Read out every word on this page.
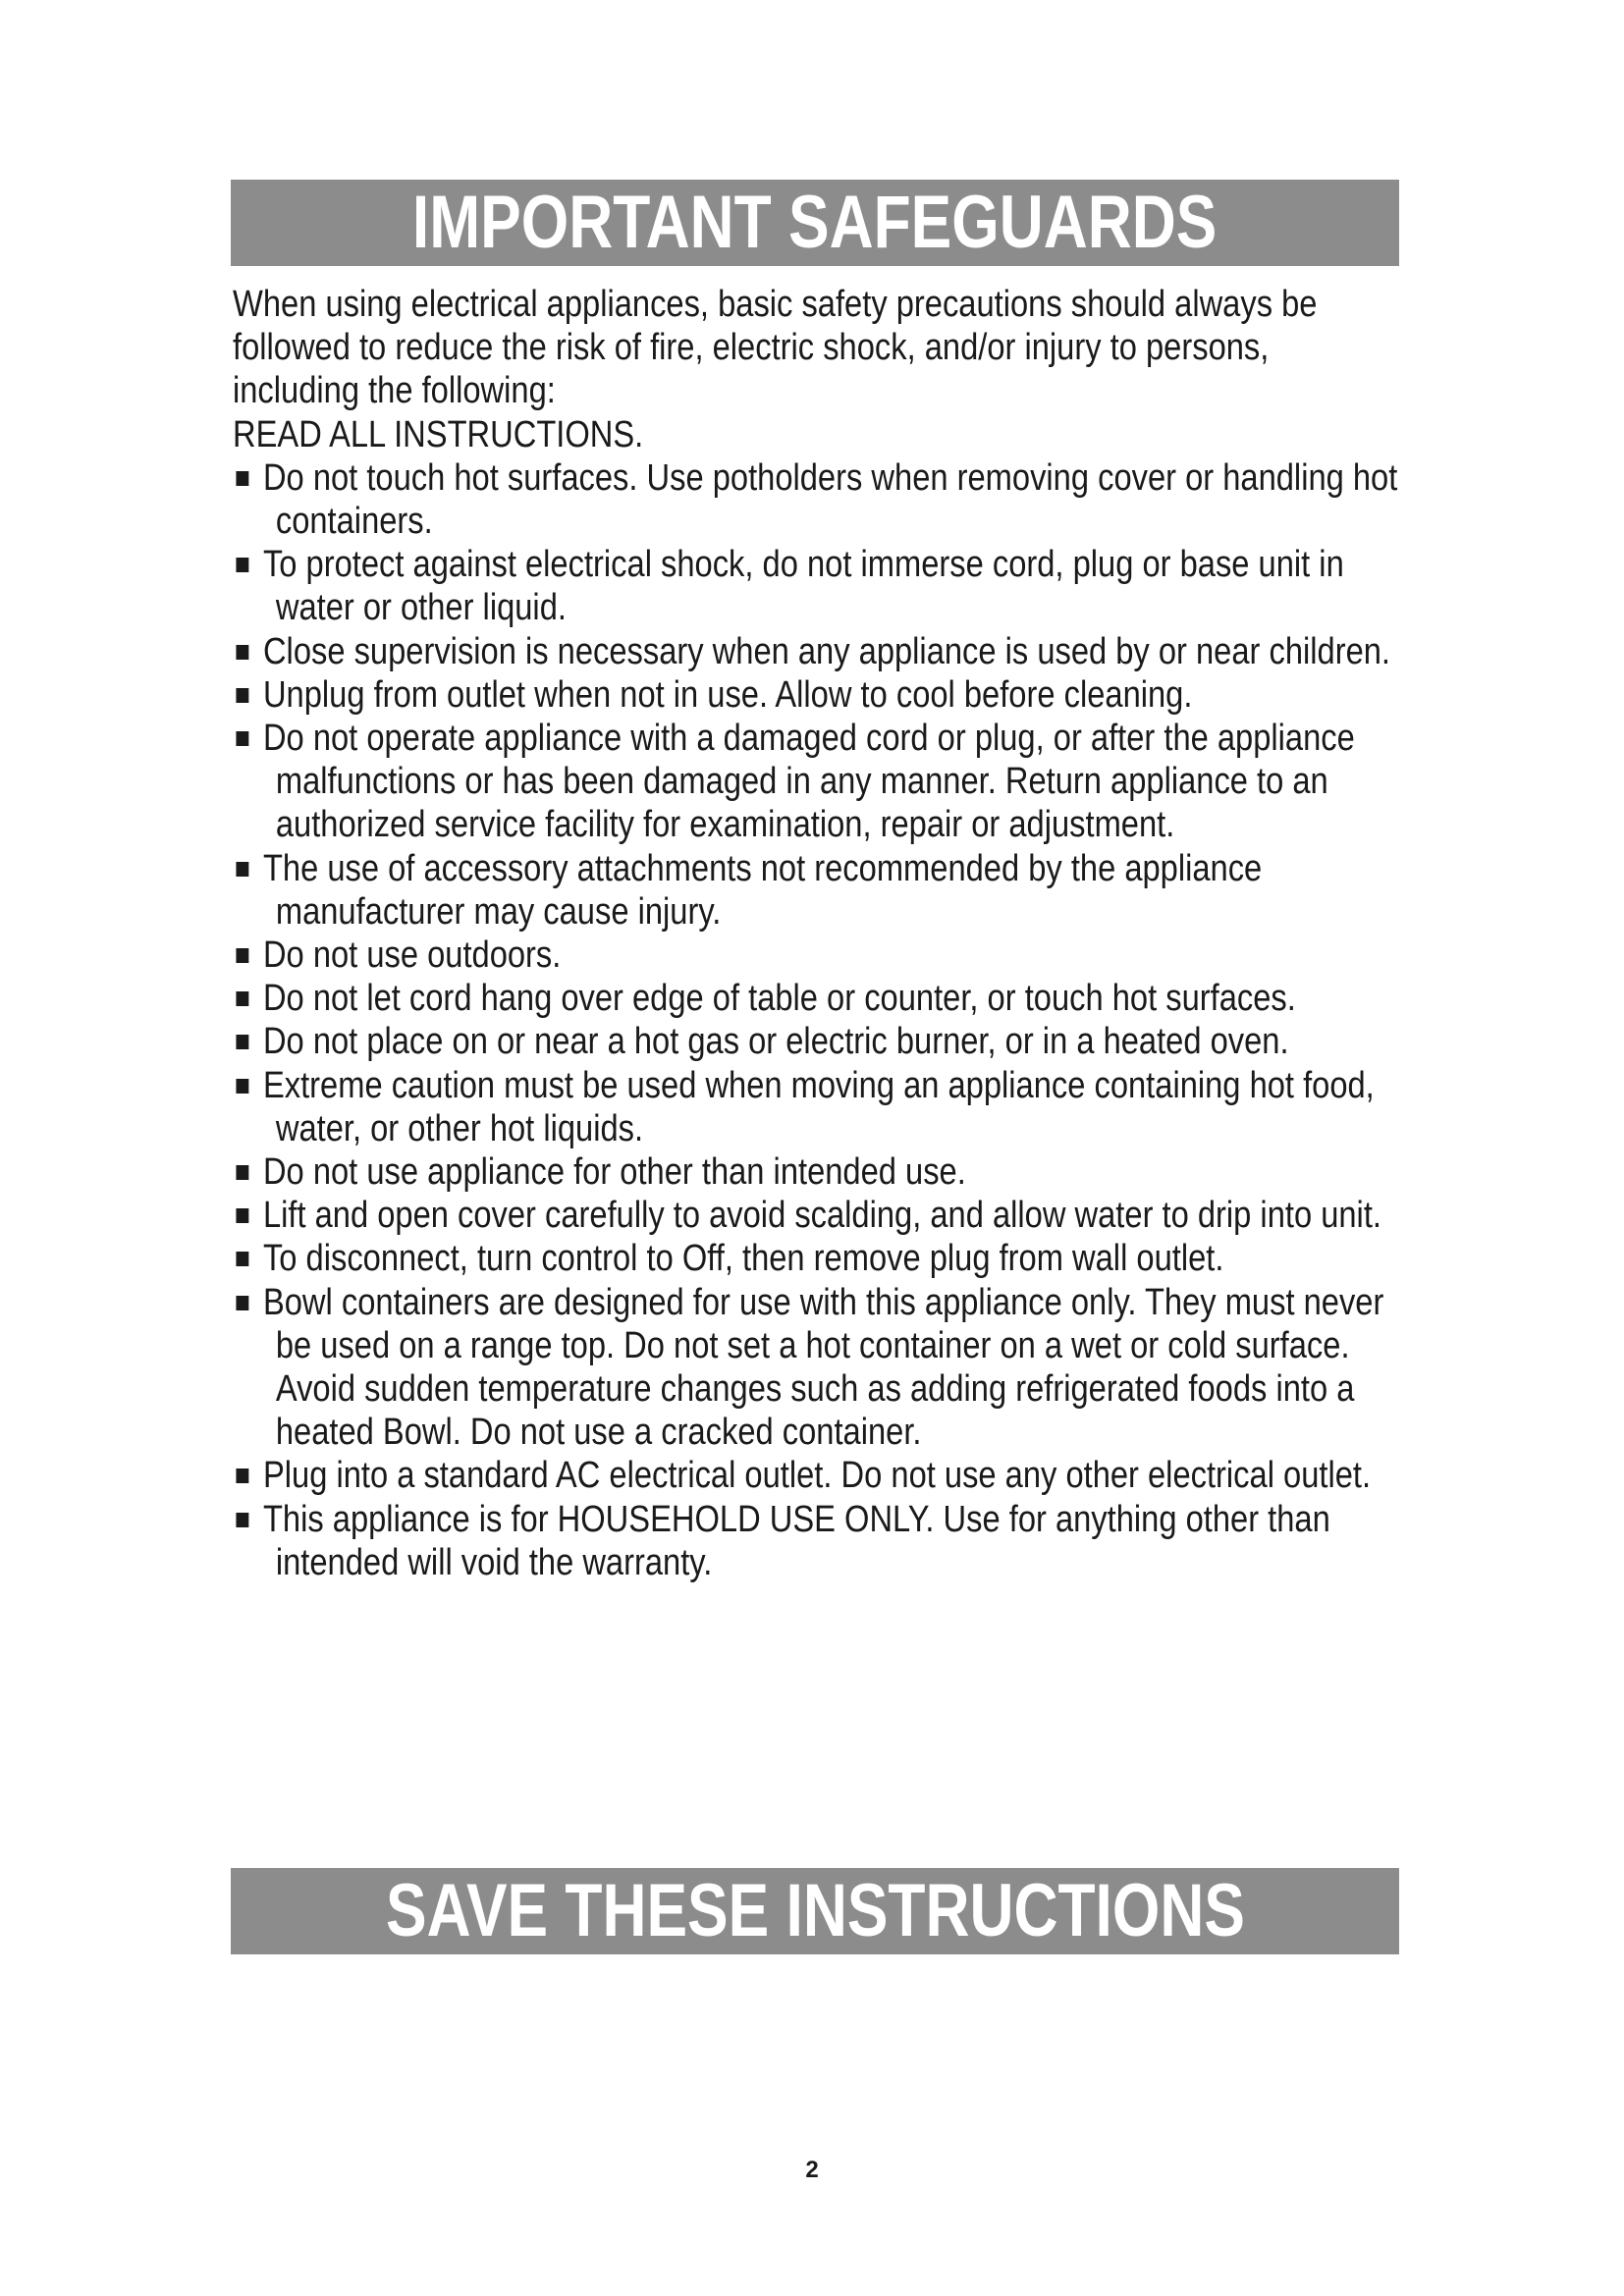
IMPORTANT SAFEGUARDS

When using electrical appliances, basic safety precautions should always be followed to reduce the risk of fire, electric shock, and/or injury to persons, including the following:

READ ALL INSTRUCTIONS.

Do not touch hot surfaces. Use potholders when removing cover or handling hot containers.
To protect against electrical shock, do not immerse cord, plug or base unit in water or other liquid.
Close supervision is necessary when any appliance is used by or near children.
Unplug from outlet when not in use. Allow to cool before cleaning.
Do not operate appliance with a damaged cord or plug, or after the appliance malfunctions or has been damaged in any manner. Return appliance to an authorized service facility for examination, repair or adjustment.
The use of accessory attachments not recommended by the appliance manufacturer may cause injury.
Do not use outdoors.
Do not let cord hang over edge of table or counter, or touch hot surfaces.
Do not place on or near a hot gas or electric burner, or in a heated oven.
Extreme caution must be used when moving an appliance containing hot food, water, or other hot liquids.
Do not use appliance for other than intended use.
Lift and open cover carefully to avoid scalding, and allow water to drip into unit.
To disconnect, turn control to Off, then remove plug from wall outlet.
Bowl containers are designed for use with this appliance only. They must never be used on a range top. Do not set a hot container on a wet or cold surface. Avoid sudden temperature changes such as adding refrigerated foods into a heated Bowl. Do not use a cracked container.
Plug into a standard AC electrical outlet. Do not use any other electrical outlet.
This appliance is for HOUSEHOLD USE ONLY. Use for anything other than intended will void the warranty.
SAVE THESE INSTRUCTIONS
2
